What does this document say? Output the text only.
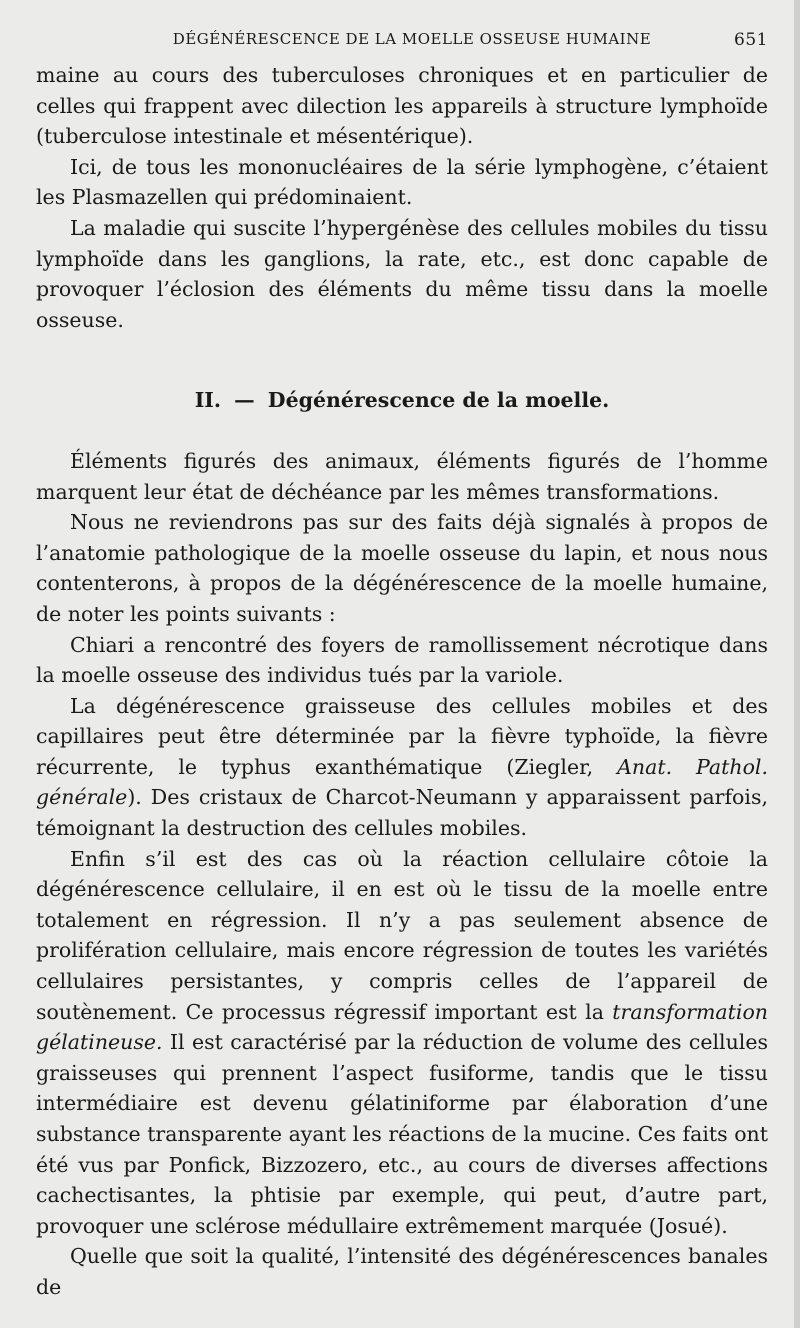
DÉGÉNÉRESCENCE DE LA MOELLE OSSEUSE HUMAINE	651

maine au cours des tuberculoses chroniques et en particulier de celles qui frappent avec dilection les appareils à structure lymphoïde (tuberculose intestinale et mésentérique).

Ici, de tous les mononucléaires de la série lymphogène, c’étaient les Plasmazellen qui prédominaient.

La maladie qui suscite l’hypergénèse des cellules mobiles du tissu lymphoïde dans les ganglions, la rate, etc., est donc capable de provoquer l’éclosion des éléments du même tissu dans la moelle osseuse.

II. — Dégénérescence de la moelle.

Éléments figurés des animaux, éléments figurés de l’homme marquent leur état de déchéance par les mêmes transformations.

Nous ne reviendrons pas sur des faits déjà signalés à propos de l’anatomie pathologique de la moelle osseuse du lapin, et nous nous contenterons, à propos de la dégénérescence de la moelle humaine, de noter les points suivants :

Chiari a rencontré des foyers de ramollissement nécrotique dans la moelle osseuse des individus tués par la variole.

La dégénérescence graisseuse des cellules mobiles et des capillaires peut être déterminée par la fièvre typhoïde, la fièvre récurrente, le typhus exanthématique (Ziegler, Anat. Pathol. générale). Des cristaux de Charcot-Neumann y apparaissent parfois, témoignant la destruction des cellules mobiles.

Enfin s’il est des cas où la réaction cellulaire côtoie la dégénérescence cellulaire, il en est où le tissu de la moelle entre totalement en régression. Il n’y a pas seulement absence de prolifération cellulaire, mais encore régression de toutes les variétés cellulaires persistantes, y compris celles de l’appareil de soutènement. Ce processus régressif important est la transformation gélatineuse. Il est caractérisé par la réduction de volume des cellules graisseuses qui prennent l’aspect fusiforme, tandis que le tissu intermédiaire est devenu gélatiniforme par élaboration d’une substance transparente ayant les réactions de la mucine. Ces faits ont été vus par Ponfick, Bizzozero, etc., au cours de diverses affections cachectisantes, la phtisie par exemple, qui peut, d’autre part, provoquer une sclérose médullaire extrêmement marquée (Josué).

Quelle que soit la qualité, l’intensité des dégénérescences banales de
